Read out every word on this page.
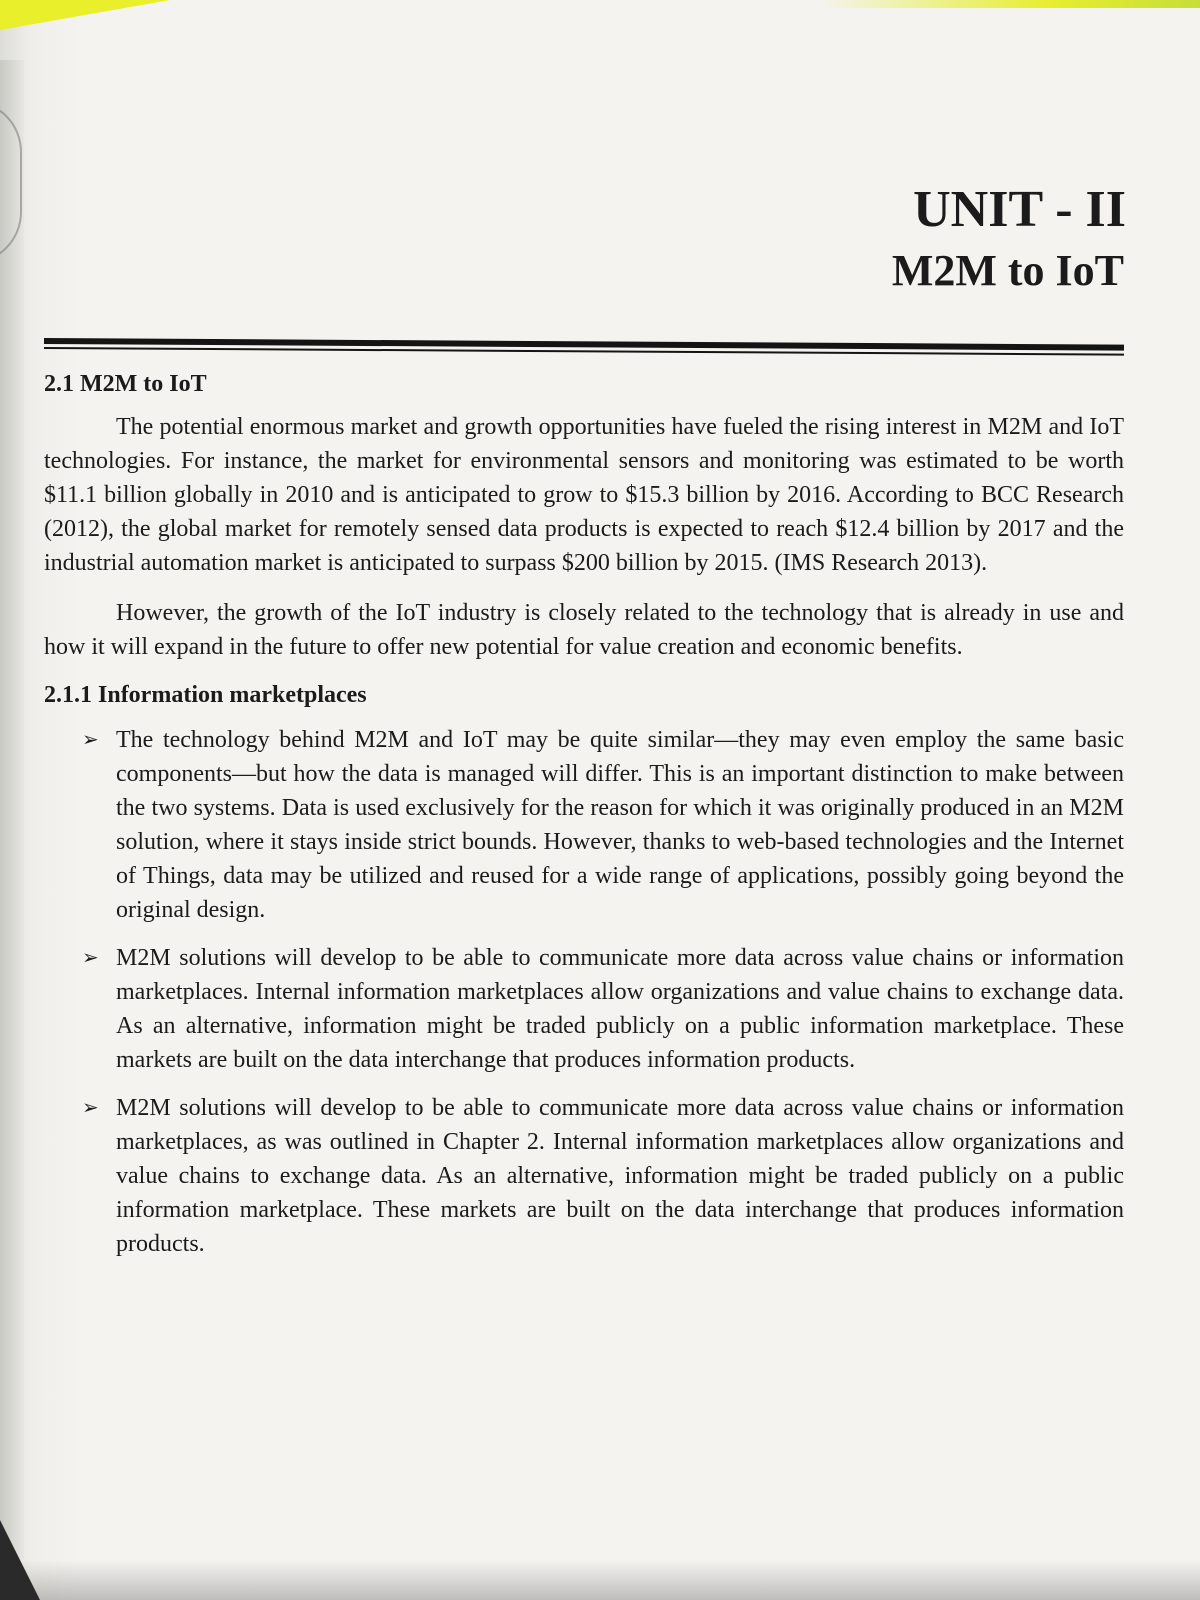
UNIT - II
M2M to IoT
2.1 M2M to IoT

The potential enormous market and growth opportunities have fueled the rising interest in M2M and IoT technologies. For instance, the market for environmental sensors and monitoring was estimated to be worth $11.1 billion globally in 2010 and is anticipated to grow to $15.3 billion by 2016. According to BCC Research (2012), the global market for remotely sensed data products is expected to reach $12.4 billion by 2017 and the industrial automation market is anticipated to surpass $200 billion by 2015. (IMS Research 2013).

However, the growth of the IoT industry is closely related to the technology that is already in use and how it will expand in the future to offer new potential for value creation and economic benefits.

2.1.1 Information marketplaces
➢ The technology behind M2M and IoT may be quite similar—they may even employ the same basic components—but how the data is managed will differ. This is an important distinction to make between the two systems. Data is used exclusively for the reason for which it was originally produced in an M2M solution, where it stays inside strict bounds. However, thanks to web-based technologies and the Internet of Things, data may be utilized and reused for a wide range of applications, possibly going beyond the original design.
➢ M2M solutions will develop to be able to communicate more data across value chains or information marketplaces. Internal information marketplaces allow organizations and value chains to exchange data. As an alternative, information might be traded publicly on a public information marketplace. These markets are built on the data interchange that produces information products.
➢ M2M solutions will develop to be able to communicate more data across value chains or information marketplaces, as was outlined in Chapter 2. Internal information marketplaces allow organizations and value chains to exchange data. As an alternative, information might be traded publicly on a public information marketplace. These markets are built on the data interchange that produces information products.
